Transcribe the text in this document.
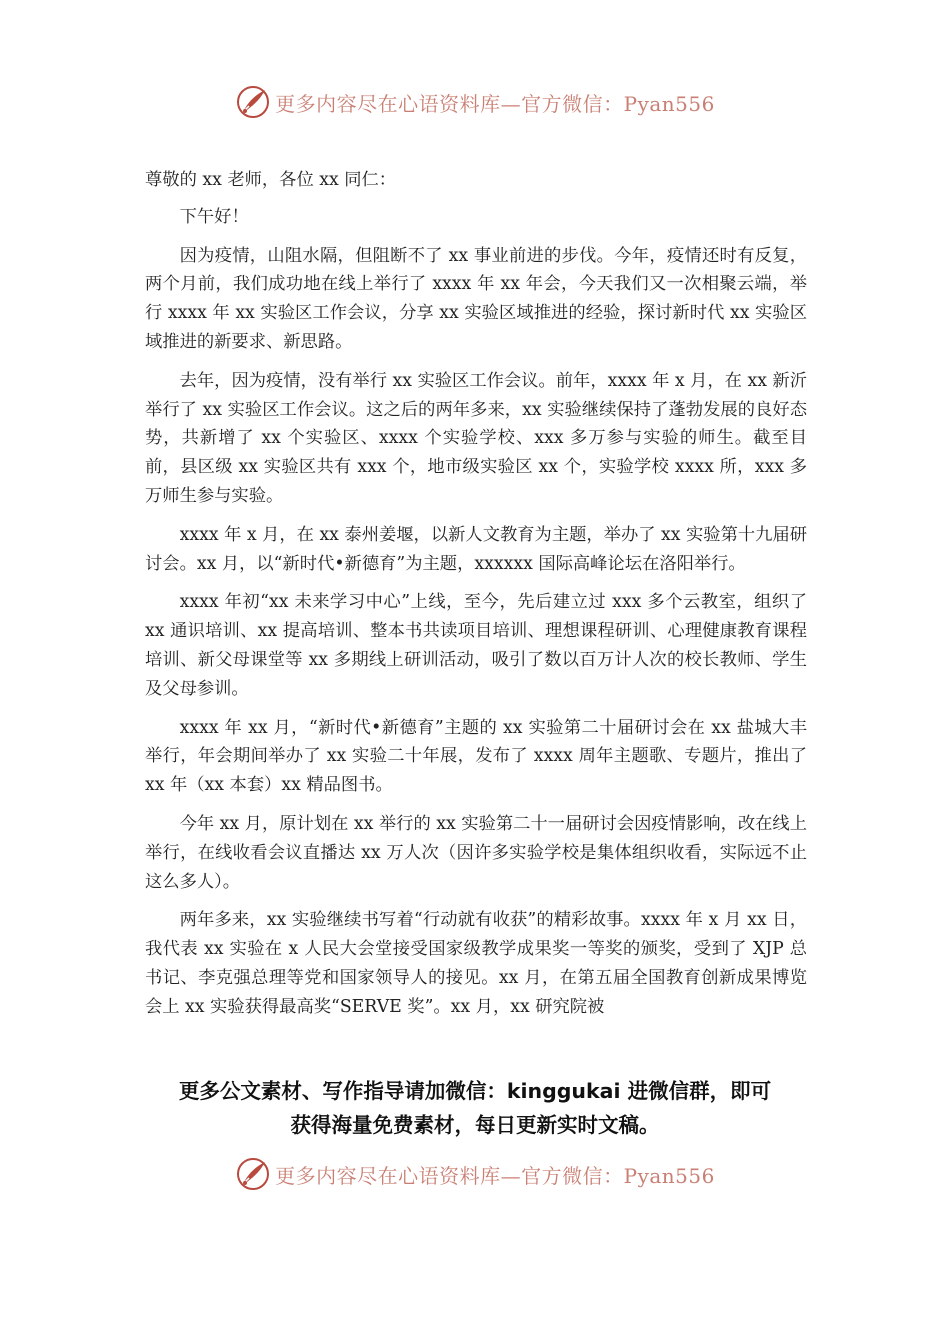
更多内容尽在心语资料库—官方微信：Pyan556

尊敬的 xx 老师，各位 xx 同仁：

下午好！

因为疫情，山阻水隔，但阻断不了 xx 事业前进的步伐。今年，疫情还时有反复，两个月前，我们成功地在线上举行了 xxxx 年 xx 年会，今天我们又一次相聚云端，举行 xxxx 年 xx 实验区工作会议，分享 xx 实验区域推进的经验，探讨新时代 xx 实验区域推进的新要求、新思路。

去年，因为疫情，没有举行 xx 实验区工作会议。前年，xxxx 年 x 月，在 xx 新沂举行了 xx 实验区工作会议。这之后的两年多来，xx 实验继续保持了蓬勃发展的良好态势，共新增了 xx 个实验区、xxxx 个实验学校、xxx 多万参与实验的师生。截至目前，县区级 xx 实验区共有 xxx 个，地市级实验区 xx 个，实验学校 xxxx 所，xxx 多万师生参与实验。

xxxx 年 x 月，在 xx 泰州姜堰，以新人文教育为主题，举办了 xx 实验第十九届研讨会。xx 月，以“新时代•新德育”为主题，xxxxxx 国际高峰论坛在洛阳举行。

xxxx 年初“xx 未来学习中心”上线，至今，先后建立过 xxx 多个云教室，组织了 xx 通识培训、xx 提高培训、整本书共读项目培训、理想课程研训、心理健康教育课程培训、新父母课堂等 xx 多期线上研训活动，吸引了数以百万计人次的校长教师、学生及父母参训。

xxxx 年 xx 月，“新时代•新德育”主题的 xx 实验第二十届研讨会在 xx 盐城大丰举行，年会期间举办了 xx 实验二十年展，发布了 xxxx 周年主题歌、专题片，推出了 xx 年（xx 本套）xx 精品图书。

今年 xx 月，原计划在 xx 举行的 xx 实验第二十一届研讨会因疫情影响，改在线上举行，在线收看会议直播达 xx 万人次（因许多实验学校是集体组织收看，实际远不止这么多人）。

两年多来，xx 实验继续书写着“行动就有收获”的精彩故事。xxxx 年 x 月 xx 日，我代表 xx 实验在 x 人民大会堂接受国家级教学成果奖一等奖的颁奖，受到了 XJP 总书记、李克强总理等党和国家领导人的接见。xx 月，在第五届全国教育创新成果博览会上 xx 实验获得最高奖“SERVE 奖”。xx 月，xx 研究院被

更多公文素材、写作指导请加微信：kinggukai 进微信群，即可
获得海量免费素材，每日更新实时文稿。
更多内容尽在心语资料库—官方微信：Pyan556
